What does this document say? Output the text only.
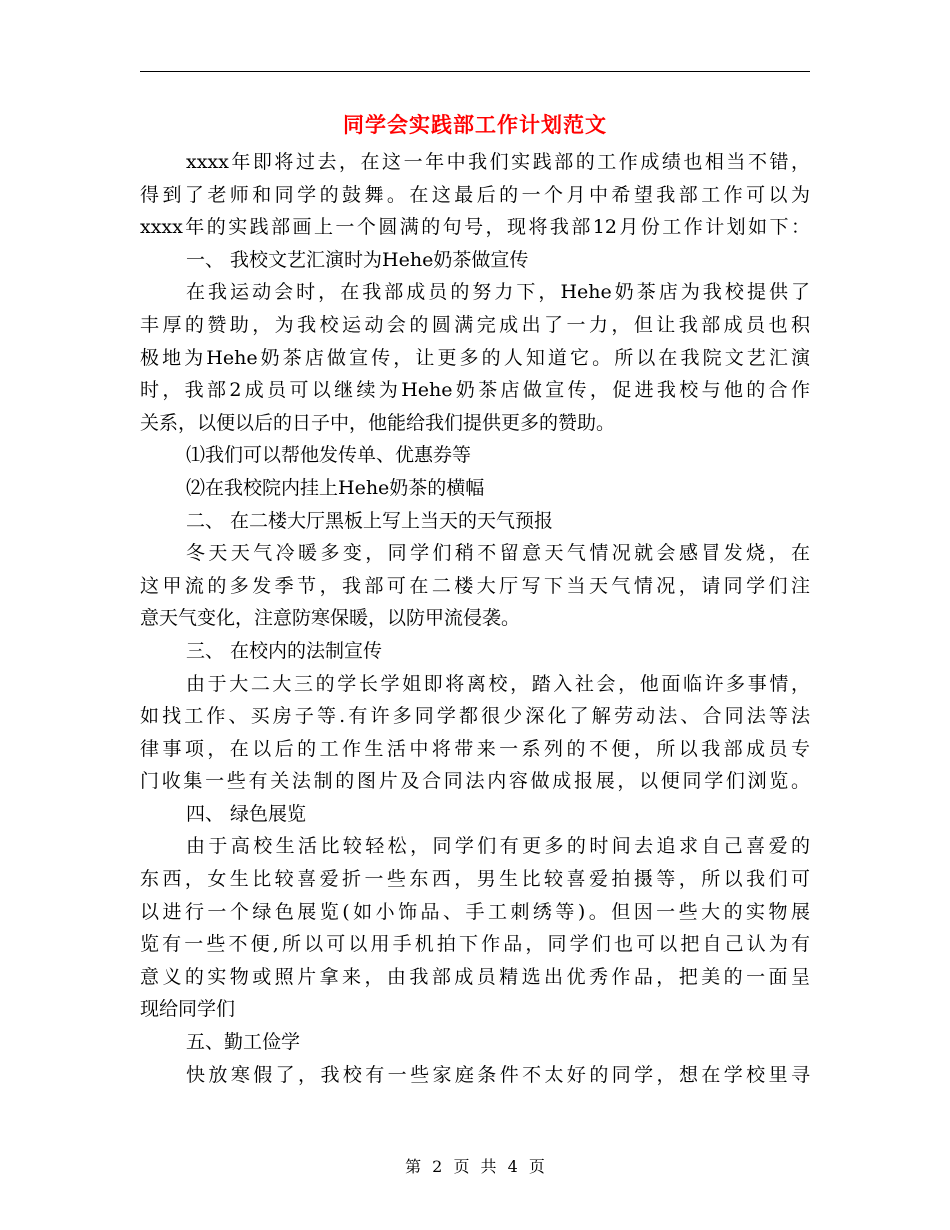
同学会实践部工作计划范文
xxxx年即将过去，在这一年中我们实践部的工作成绩也相当不错，
得到了老师和同学的鼓舞。在这最后的一个月中希望我部工作可以为
xxxx年的实践部画上一个圆满的句号，现将我部12月份工作计划如下：
一、 我校文艺汇演时为Hehe奶茶做宣传
在我运动会时，在我部成员的努力下，Hehe奶茶店为我校提供了
丰厚的赞助，为我校运动会的圆满完成出了一力，但让我部成员也积
极地为Hehe奶茶店做宣传，让更多的人知道它。所以在我院文艺汇演
时，我部2成员可以继续为Hehe奶茶店做宣传，促进我校与他的合作
关系，以便以后的日子中，他能给我们提供更多的赞助。
⑴我们可以帮他发传单、优惠券等
⑵在我校院内挂上Hehe奶茶的横幅
二、 在二楼大厅黑板上写上当天的天气预报
冬天天气冷暖多变，同学们稍不留意天气情况就会感冒发烧，在
这甲流的多发季节，我部可在二楼大厅写下当天气情况，请同学们注
意天气变化，注意防寒保暖，以防甲流侵袭。
三、 在校内的法制宣传
由于大二大三的学长学姐即将离校，踏入社会，他面临许多事情，
如找工作、买房子等.有许多同学都很少深化了解劳动法、合同法等法
律事项，在以后的工作生活中将带来一系列的不便，所以我部成员专
门收集一些有关法制的图片及合同法内容做成报展，以便同学们浏览。
四、 绿色展览
由于高校生活比较轻松，同学们有更多的时间去追求自己喜爱的
东西，女生比较喜爱折一些东西，男生比较喜爱拍摄等，所以我们可
以进行一个绿色展览(如小饰品、手工刺绣等)。但因一些大的实物展
览有一些不便,所以可以用手机拍下作品，同学们也可以把自己认为有
意义的实物或照片拿来，由我部成员精选出优秀作品，把美的一面呈
现给同学们
五、勤工俭学
快放寒假了，我校有一些家庭条件不太好的同学，想在学校里寻
第 2 页 共 4 页
